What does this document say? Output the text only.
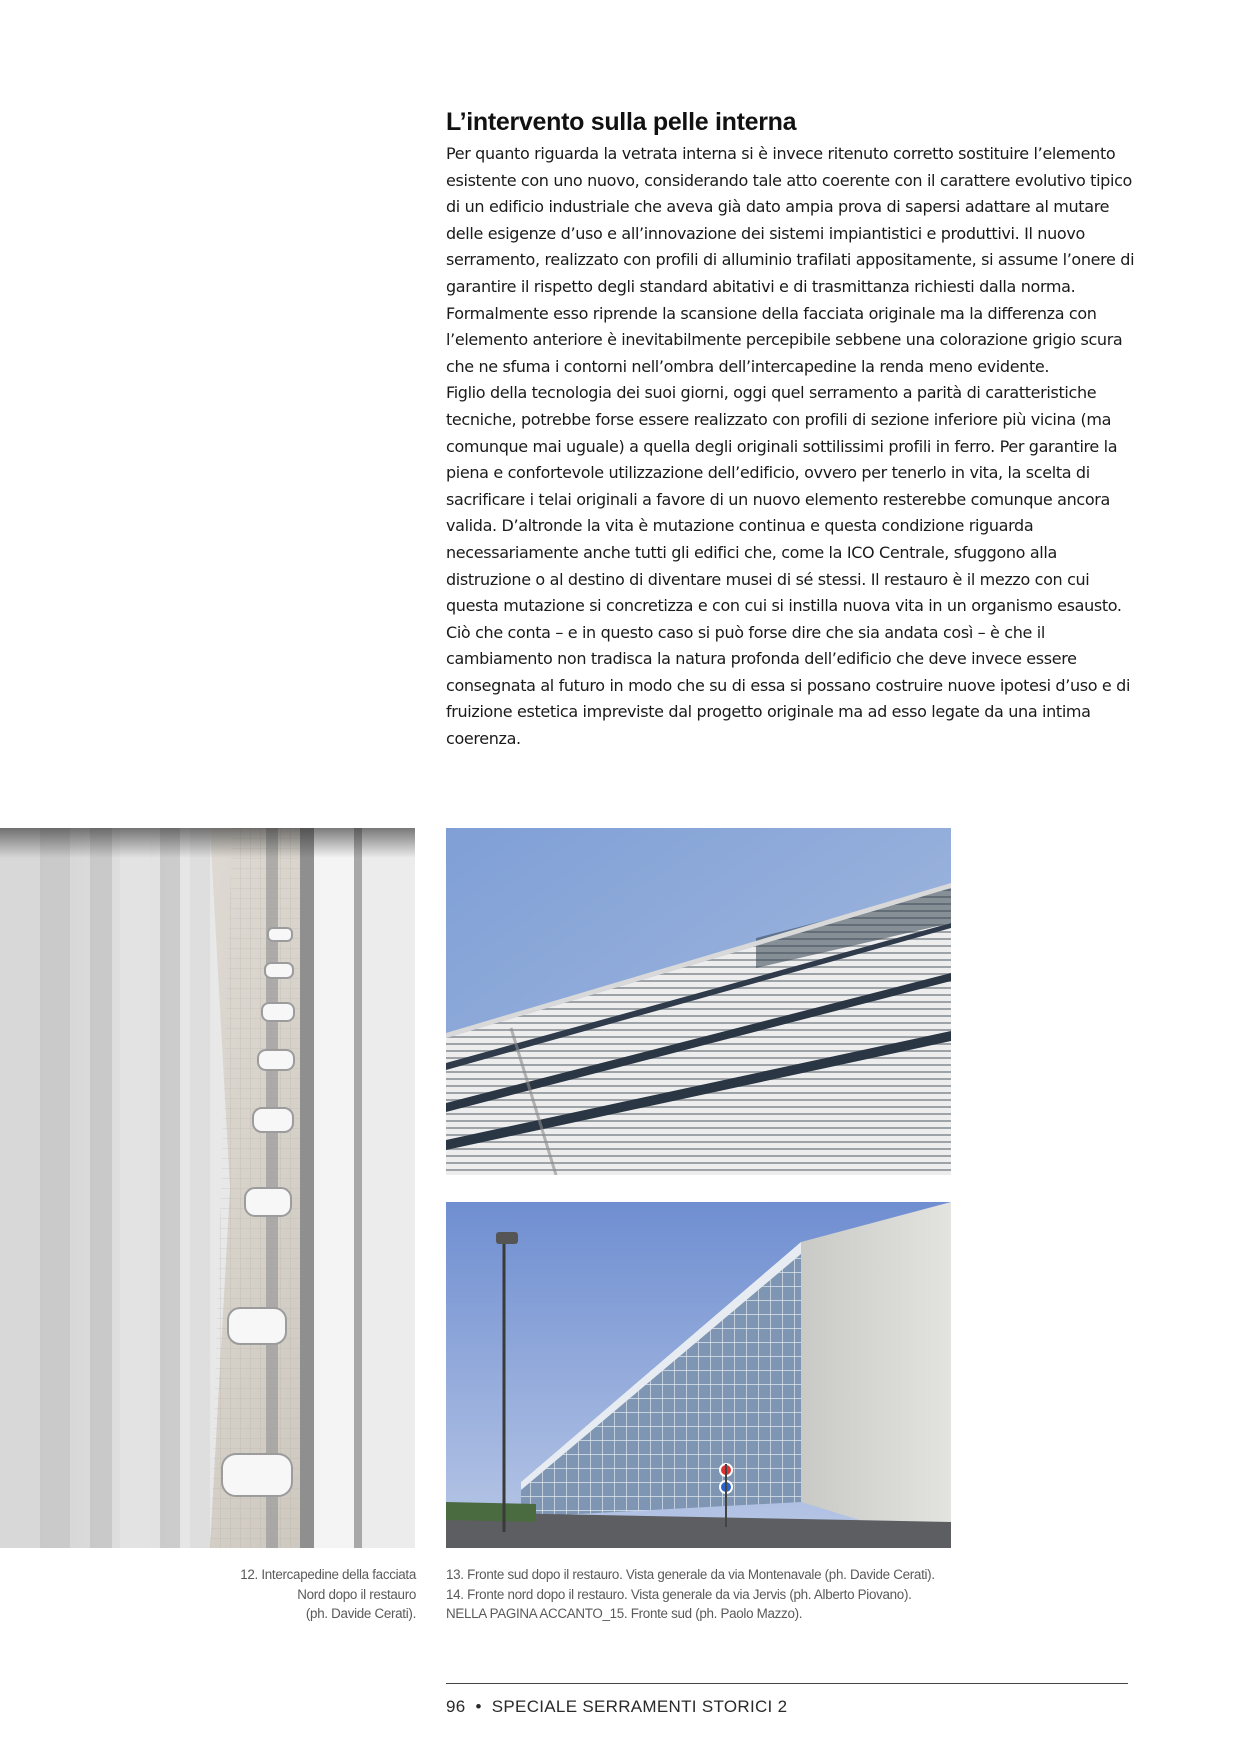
L’intervento sulla pelle interna

Per quanto riguarda la vetrata interna si è invece ritenuto corretto sostituire l’elemento esistente con uno nuovo, considerando tale atto coerente con il carattere evolutivo tipico di un edificio industriale che aveva già dato ampia prova di sapersi adattare al mutare delle esigenze d’uso e all’innovazione dei sistemi impiantistici e produttivi. Il nuovo serramento, realizzato con profili di alluminio trafilati appositamente, si assume l’onere di garantire il rispetto degli standard abitativi e di trasmittanza richiesti dalla norma. Formalmente esso riprende la scansione della facciata originale ma la differenza con l’elemento anteriore è inevitabilmente percepibile sebbene una colorazione grigio scura che ne sfuma i contorni nell’ombra dell’intercapedine la renda meno evidente.

Figlio della tecnologia dei suoi giorni, oggi quel serramento a parità di caratteristiche tecniche, potrebbe forse essere realizzato con profili di sezione inferiore più vicina (ma comunque mai uguale) a quella degli originali sottilissimi profili in ferro. Per garantire la piena e confortevole utilizzazione dell’edificio, ovvero per tenerlo in vita, la scelta di sacrificare i telai originali a favore di un nuovo elemento resterebbe comunque ancora valida. D’altronde la vita è mutazione continua e questa condizione riguarda necessariamente anche tutti gli edifici che, come la ICO Centrale, sfuggono alla distruzione o al destino di diventare musei di sé stessi. Il restauro è il mezzo con cui questa mutazione si concretizza e con cui si instilla nuova vita in un organismo esausto. Ciò che conta – e in questo caso si può forse dire che sia andata così – è che il cambiamento non tradisca la natura profonda dell’edificio che deve invece essere consegnata al futuro in modo che su di essa si possano costruire nuove ipotesi d’uso e di fruizione estetica impreviste dal progetto originale ma ad esso legate da una intima coerenza.

12. Intercapedine della facciata
Nord dopo il restauro
(ph. Davide Cerati).
13. Fronte sud dopo il restauro. Vista generale da via Montenavale (ph. Davide Cerati).
14. Fronte nord dopo il restauro. Vista generale da via Jervis (ph. Alberto Piovano).
NELLA PAGINA ACCANTO_15. Fronte sud (ph. Paolo Mazzo).
96 • SPECIALE SERRAMENTI STORICI 2
